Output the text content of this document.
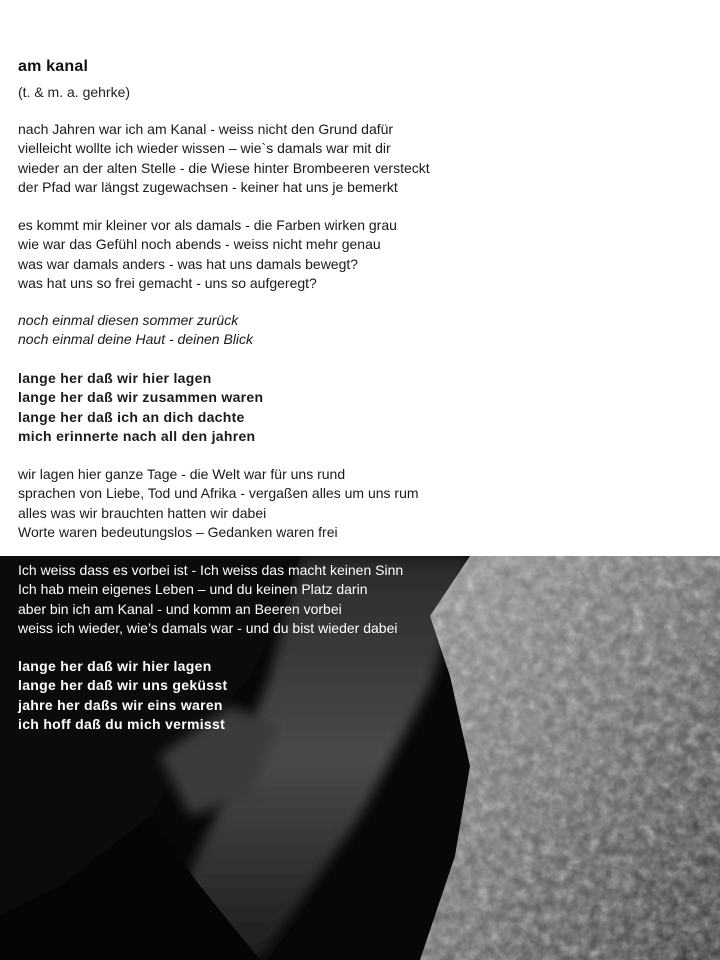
am kanal
(t. & m. a. gehrke)
nach Jahren war ich am Kanal - weiss nicht den Grund dafür
vielleicht wollte ich wieder wissen – wie`s damals war mit dir
wieder an der alten Stelle - die Wiese hinter Brombeeren versteckt
der Pfad war längst zugewachsen - keiner hat uns je bemerkt
es kommt mir kleiner vor als damals - die Farben wirken grau
wie war das Gefühl noch abends - weiss nicht mehr genau
was war damals anders - was hat uns damals bewegt?
was hat uns so frei gemacht - uns so aufgeregt?
noch einmal diesen sommer zurück
noch einmal deine Haut - deinen Blick
lange her daß wir hier lagen
lange her daß wir zusammen waren
lange her daß ich an dich dachte
mich erinnerte nach all den jahren
wir lagen hier ganze Tage - die Welt war für uns rund
sprachen von Liebe, Tod und Afrika - vergaßen alles um uns rum
alles was wir brauchten hatten wir dabei
Worte waren bedeutungslos – Gedanken waren frei
Ich weiss dass es vorbei ist - Ich weiss das macht keinen Sinn
Ich hab mein eigenes Leben – und du keinen Platz darin
aber bin ich am Kanal - und komm an Beeren vorbei
weiss ich wieder, wie’s damals war - und du bist wieder dabei
lange her daß wir hier lagen
lange her daß wir uns geküsst
jahre her daßs wir eins waren
ich hoff daß du mich vermisst
